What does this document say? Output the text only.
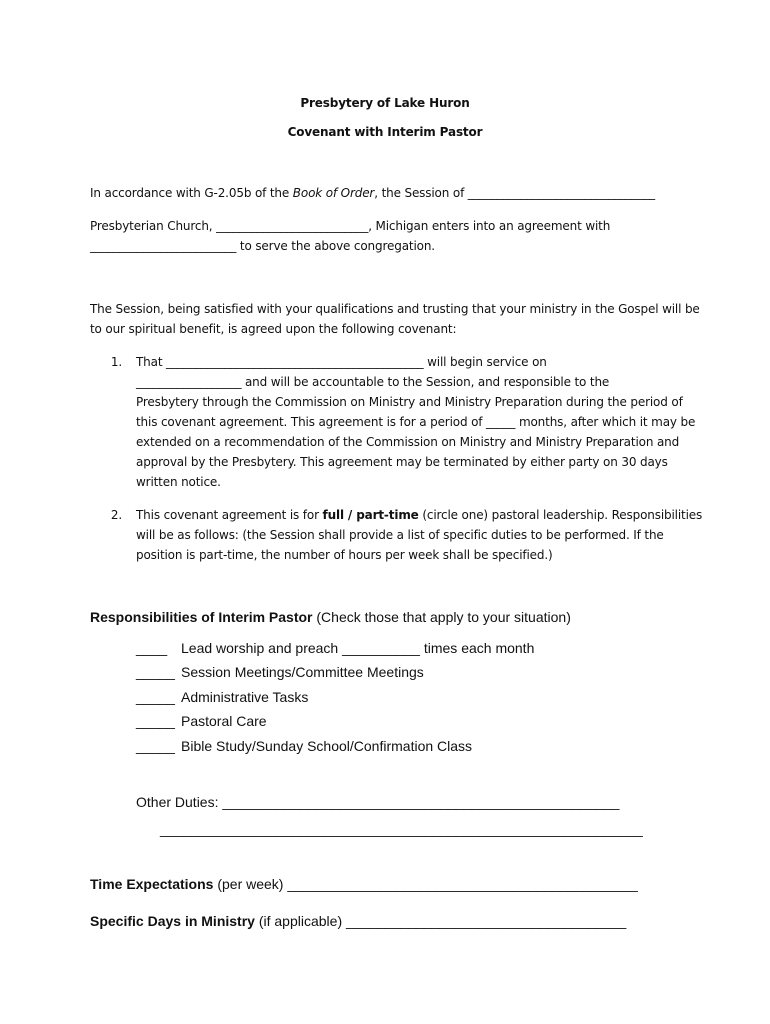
Presbytery of Lake Huron
Covenant with Interim Pastor
In accordance with G-2.05b of the Book of Order, the Session of ________________________________
Presbyterian Church, __________________________, Michigan enters into an agreement with
_________________________ to serve the above congregation.
The Session, being satisfied with your qualifications and trusting that your ministry in the Gospel will be
to our spiritual benefit, is agreed upon the following covenant:
1. That ____________________________________________ will begin service on
__________________ and will be accountable to the Session, and responsible to the
Presbytery through the Commission on Ministry and Ministry Preparation during the period of
this covenant agreement. This agreement is for a period of _____ months, after which it may be
extended on a recommendation of the Commission on Ministry and Ministry Preparation and
approval by the Presbytery. This agreement may be terminated by either party on 30 days
written notice.
2. This covenant agreement is for full / part-time (circle one) pastoral leadership. Responsibilities
will be as follows: (the Session shall provide a list of specific duties to be performed. If the
position is part-time, the number of hours per week shall be specified.)
Responsibilities of Interim Pastor (Check those that apply to your situation)
____ Lead worship and preach __________ times each month
_____ Session Meetings/Committee Meetings
_____ Administrative Tasks
_____ Pastoral Care
_____ Bible Study/Sunday School/Confirmation Class
Other Duties: ___________________________________________________
______________________________________________________________
Time Expectations (per week) _____________________________________________
Specific Days in Ministry (if applicable) ____________________________________
